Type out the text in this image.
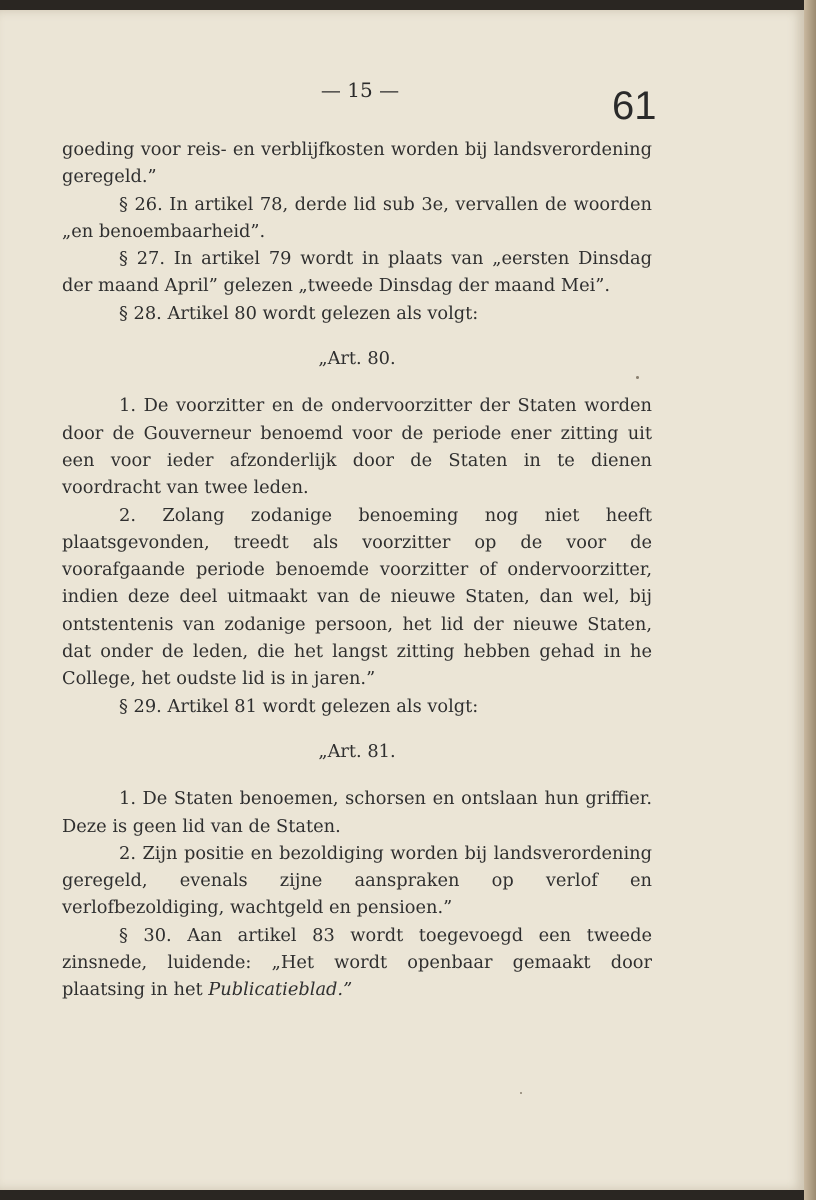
— 15 —	61

goeding voor reis- en verblijfkosten worden bij landsverordening geregeld.”

§ 26. In artikel 78, derde lid sub 3e, vervallen de woorden „en benoembaarheid”.

§ 27. In artikel 79 wordt in plaats van „eersten Dinsdag der maand April” gelezen „tweede Dinsdag der maand Mei”.

§ 28. Artikel 80 wordt gelezen als volgt:

„Art. 80.

1. De voorzitter en de ondervoorzitter der Staten worden door de Gouverneur benoemd voor de periode ener zitting uit een voor ieder afzonderlijk door de Staten in te dienen voordracht van twee leden.

2. Zolang zodanige benoeming nog niet heeft plaatsgevonden, treedt als voorzitter op de voor de voorafgaande periode benoemde voorzitter of ondervoorzitter, indien deze deel uitmaakt van de nieuwe Staten, dan wel, bij ontstentenis van zodanige persoon, het lid der nieuwe Staten, dat onder de leden, die het langst zitting hebben gehad in he College, het oudste lid is in jaren.”

§ 29. Artikel 81 wordt gelezen als volgt:

„Art. 81.

1. De Staten benoemen, schorsen en ontslaan hun griffier. Deze is geen lid van de Staten.

2. Zijn positie en bezoldiging worden bij landsverordening geregeld, evenals zijne aanspraken op verlof en verlofbezoldiging, wachtgeld en pensioen.”

§ 30. Aan artikel 83 wordt toegevoegd een tweede zinsnede, luidende: „Het wordt openbaar gemaakt door plaatsing in het Publicatieblad.”
